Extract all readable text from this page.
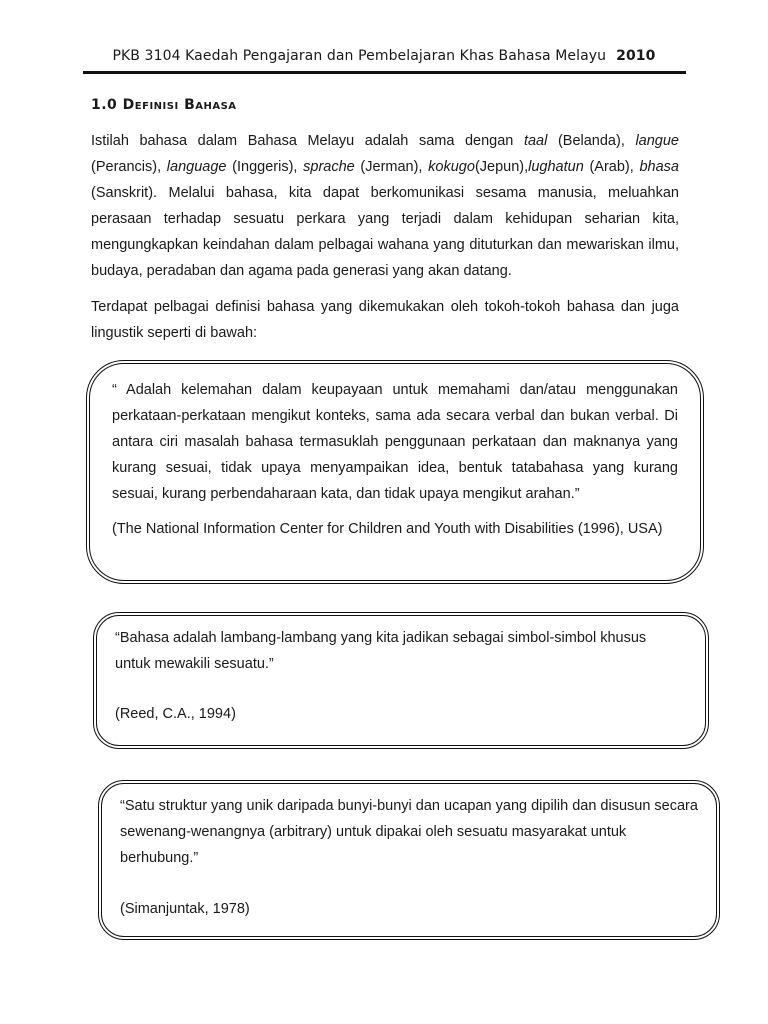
PKB 3104 Kaedah Pengajaran dan Pembelajaran Khas Bahasa Melayu 2010
1.0 Definisi Bahasa

Istilah bahasa dalam Bahasa Melayu adalah sama dengan taal (Belanda), langue (Perancis), language (Inggeris), sprache (Jerman), kokugo(Jepun),lughatun (Arab), bhasa (Sanskrit). Melalui bahasa, kita dapat berkomunikasi sesama manusia, meluahkan perasaan terhadap sesuatu perkara yang terjadi dalam kehidupan seharian kita, mengungkapkan keindahan dalam pelbagai wahana yang dituturkan dan mewariskan ilmu, budaya, peradaban dan agama pada generasi yang akan datang.

Terdapat pelbagai definisi bahasa yang dikemukakan oleh tokoh-tokoh bahasa dan juga lingustik seperti di bawah:

“ Adalah kelemahan dalam keupayaan untuk memahami dan/atau menggunakan perkataan-perkataan mengikut konteks, sama ada secara verbal dan bukan verbal. Di antara ciri masalah bahasa termasuklah penggunaan perkataan dan maknanya yang kurang sesuai, tidak upaya menyampaikan idea, bentuk tatabahasa yang kurang sesuai, kurang perbendaharaan kata, dan tidak upaya mengikut arahan.”

(The National Information Center for Children and Youth with Disabilities (1996), USA)

“Bahasa adalah lambang-lambang yang kita jadikan sebagai simbol-simbol khusus untuk mewakili sesuatu.”

(Reed, C.A., 1994)

“Satu struktur yang unik daripada bunyi-bunyi dan ucapan yang dipilih dan disusun secara sewenang-wenangnya (arbitrary) untuk dipakai oleh sesuatu masyarakat untuk berhubung.”

(Simanjuntak, 1978)
